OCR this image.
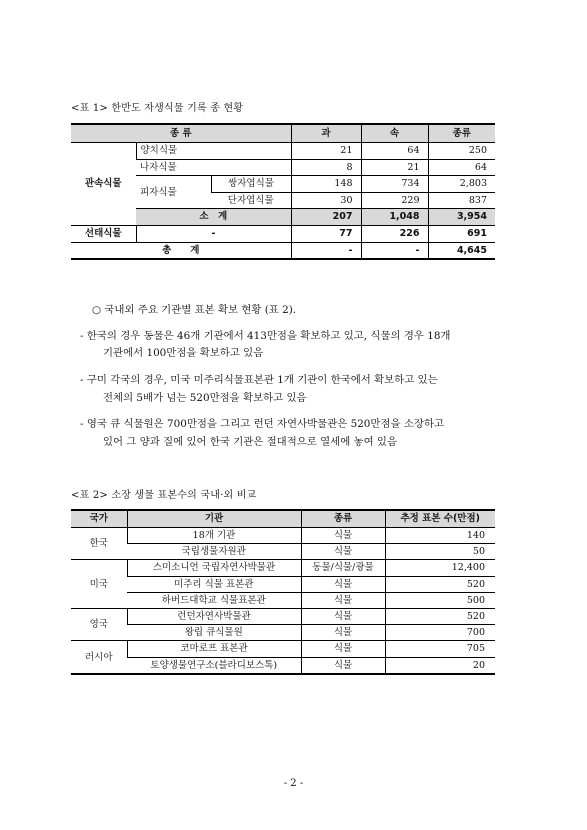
<표 1> 한반도 자생식물 기록 종 현황
종 류			과	속	종류
관속식물	양치식물		21	64	250
	나자식물		8	21	64
	피자식물	쌍자엽식물	148	734	2,803
		단자엽식물	30	229	837
	소　계		207	1,048	3,954
선태식물	-		77	226	691
총　　계			-	-	4,645
○ 국내외 주요 기관별 표본 확보 현황 (표 2).
- 한국의 경우 동물은 46개 기관에서 413만점을 확보하고 있고, 식물의 경우 18개
기관에서 100만점을 확보하고 있음
- 구미 각국의 경우, 미국 미주리식물표본관 1개 기관이 한국에서 확보하고 있는
전체의 5배가 넘는 520만점을 확보하고 있음
- 영국 큐 식물원은 700만점을 그리고 런던 자연사박물관은 520만점을 소장하고
있어 그 양과 질에 있어 한국 기관은 절대적으로 열세에 놓여 있음
<표 2> 소장 생물 표본수의 국내·외 비교
국가	기관	종류	추정 표본 수(만점)
한국	18개 기관	식물	140
	국립생물자원관	식물	50
미국	스미소니언 국립자연사박물관	동물/식물/광물	12,400
	미주리 식물 표본관	식물	520
	하버드대학교 식물표본관	식물	500
영국	런던자연사박물관	식물	520
	왕립 큐식물원	식물	700
러시아	코마로프 표본관	식물	705
	토양생물연구소(블라디보스톡)	식물	20
- 2 -
